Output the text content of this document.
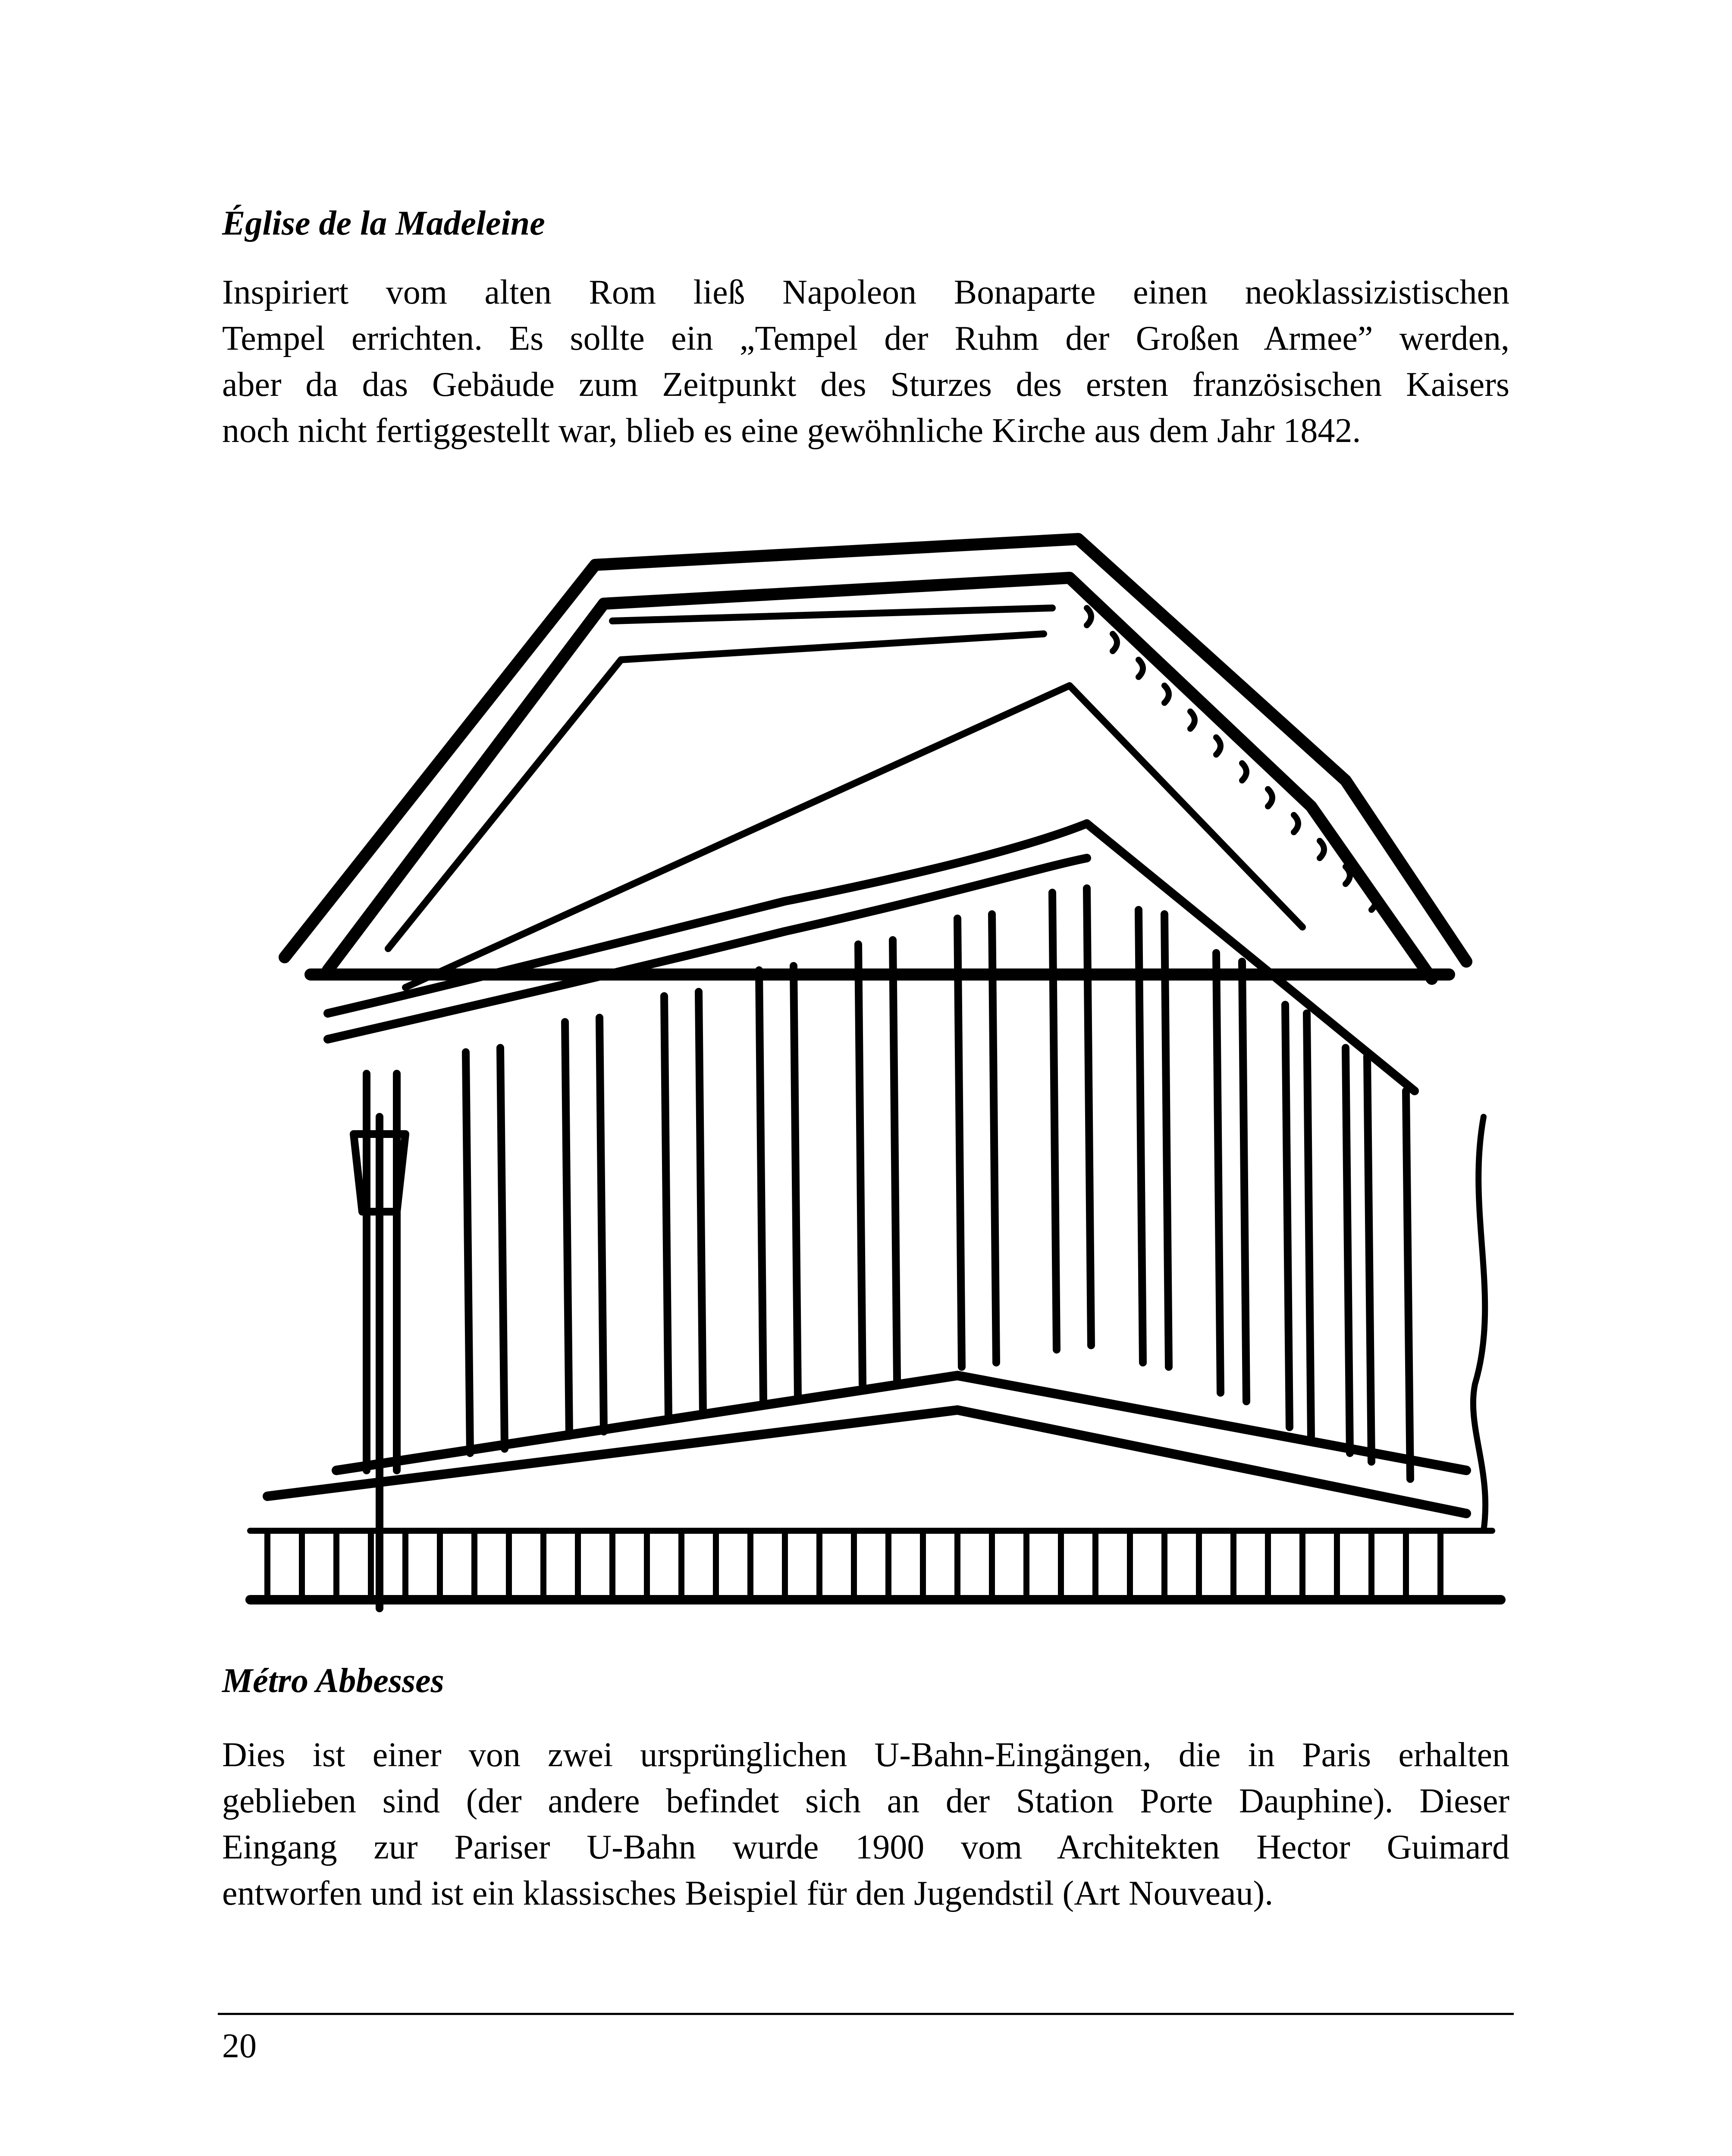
Église de la Madeleine

Inspiriert vom alten Rom ließ Napoleon Bonaparte einen neoklassizistischen
Tempel errichten. Es sollte ein „Tempel der Ruhm der Großen Armee” werden,
aber da das Gebäude zum Zeitpunkt des Sturzes des ersten französischen Kaisers
noch nicht fertiggestellt war, blieb es eine gewöhnliche Kirche aus dem Jahr 1842.

Métro Abbesses

Dies ist einer von zwei ursprünglichen U-Bahn-Eingängen, die in Paris erhalten
geblieben sind (der andere befindet sich an der Station Porte Dauphine). Dieser
Eingang zur Pariser U-Bahn wurde 1900 vom Architekten Hector Guimard
entworfen und ist ein klassisches Beispiel für den Jugendstil (Art Nouveau).

20
